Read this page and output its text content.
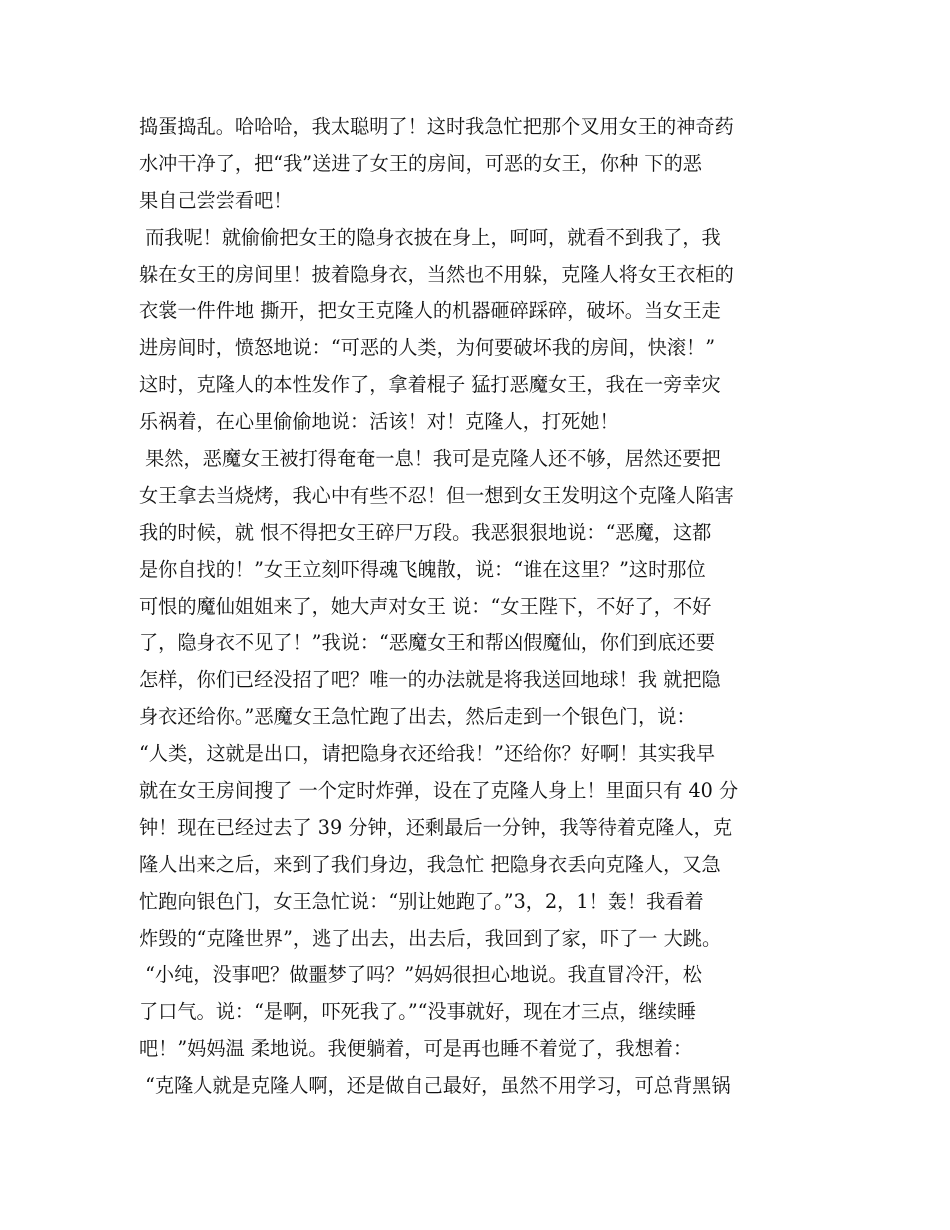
捣蛋捣乱。哈哈哈，我太聪明了！这时我急忙把那个叉用女王的神奇药
水冲干净了，把“我”送进了女王的房间，可恶的女王，你种 下的恶
果自己尝尝看吧！
而我呢！就偷偷把女王的隐身衣披在身上，呵呵，就看不到我了，我
躲在女王的房间里！披着隐身衣，当然也不用躲，克隆人将女王衣柜的
衣裳一件件地 撕开，把女王克隆人的机器砸碎踩碎，破坏。当女王走
进房间时，愤怒地说：“可恶的人类，为何要破坏我的房间，快滚！”
这时，克隆人的本性发作了，拿着棍子 猛打恶魔女王，我在一旁幸灾
乐祸着，在心里偷偷地说：活该！对！克隆人，打死她！
果然，恶魔女王被打得奄奄一息！我可是克隆人还不够，居然还要把
女王拿去当烧烤，我心中有些不忍！但一想到女王发明这个克隆人陷害
我的时候，就 恨不得把女王碎尸万段。我恶狠狠地说：“恶魔，这都
是你自找的！”女王立刻吓得魂飞魄散，说：“谁在这里？”这时那位
可恨的魔仙姐姐来了，她大声对女王 说：“女王陛下，不好了，不好
了，隐身衣不见了！”我说：“恶魔女王和帮凶假魔仙，你们到底还要
怎样，你们已经没招了吧？唯一的办法就是将我送回地球！我 就把隐
身衣还给你。”恶魔女王急忙跑了出去，然后走到一个银色门，说：
“人类，这就是出口，请把隐身衣还给我！”还给你？好啊！其实我早
就在女王房间搜了 一个定时炸弹，设在了克隆人身上！里面只有 40 分
钟！现在已经过去了 39 分钟，还剩最后一分钟，我等待着克隆人，克
隆人出来之后，来到了我们身边，我急忙 把隐身衣丢向克隆人，又急
忙跑向银色门，女王急忙说：“别让她跑了。”3，2，1！轰！我看着
炸毁的“克隆世界”，逃了出去，出去后，我回到了家，吓了一 大跳。
“小纯，没事吧？做噩梦了吗？”妈妈很担心地说。我直冒冷汗，松
了口气。说：“是啊，吓死我了。”“没事就好，现在才三点，继续睡
吧！”妈妈温 柔地说。我便躺着，可是再也睡不着觉了，我想着：
“克隆人就是克隆人啊，还是做自己最好，虽然不用学习，可总背黑锅
